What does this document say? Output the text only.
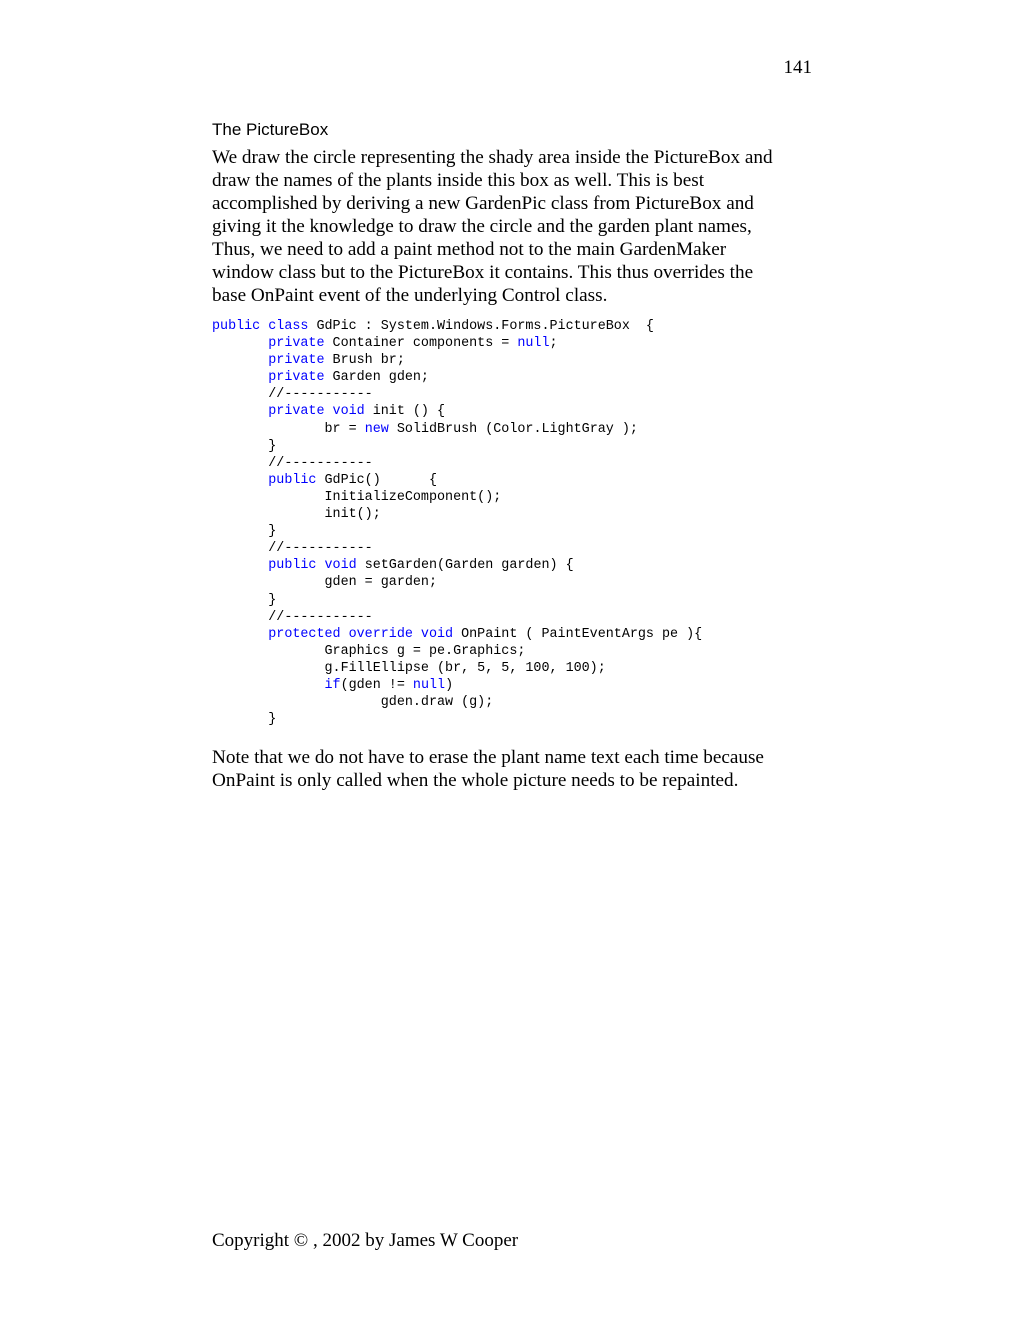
141
The PictureBox
We draw the circle representing the shady area inside the PictureBox and
draw the names of the plants inside this box as well. This is best
accomplished by deriving a new GardenPic class from PictureBox and
giving it the knowledge to draw the circle and the garden plant names,
Thus, we need to add a paint method not to the main GardenMaker
window class but to the PictureBox it contains. This thus overrides the
base OnPaint event of the underlying Control class.
public class GdPic : System.Windows.Forms.PictureBox  {
private Container components = null;
private Brush br;
private Garden gden;
//-----------
private void init () {
br = new SolidBrush (Color.LightGray );
}
//-----------
public GdPic()      {
InitializeComponent();
init();
}
//-----------
public void setGarden(Garden garden) {
gden = garden;
}
//-----------
protected override void OnPaint ( PaintEventArgs pe ){
Graphics g = pe.Graphics;
g.FillEllipse (br, 5, 5, 100, 100);
if(gden != null)
gden.draw (g);
}
Note that we do not have to erase the plant name text each time because
OnPaint is only called when the whole picture needs to be repainted.
Copyright © , 2002 by James W Cooper
